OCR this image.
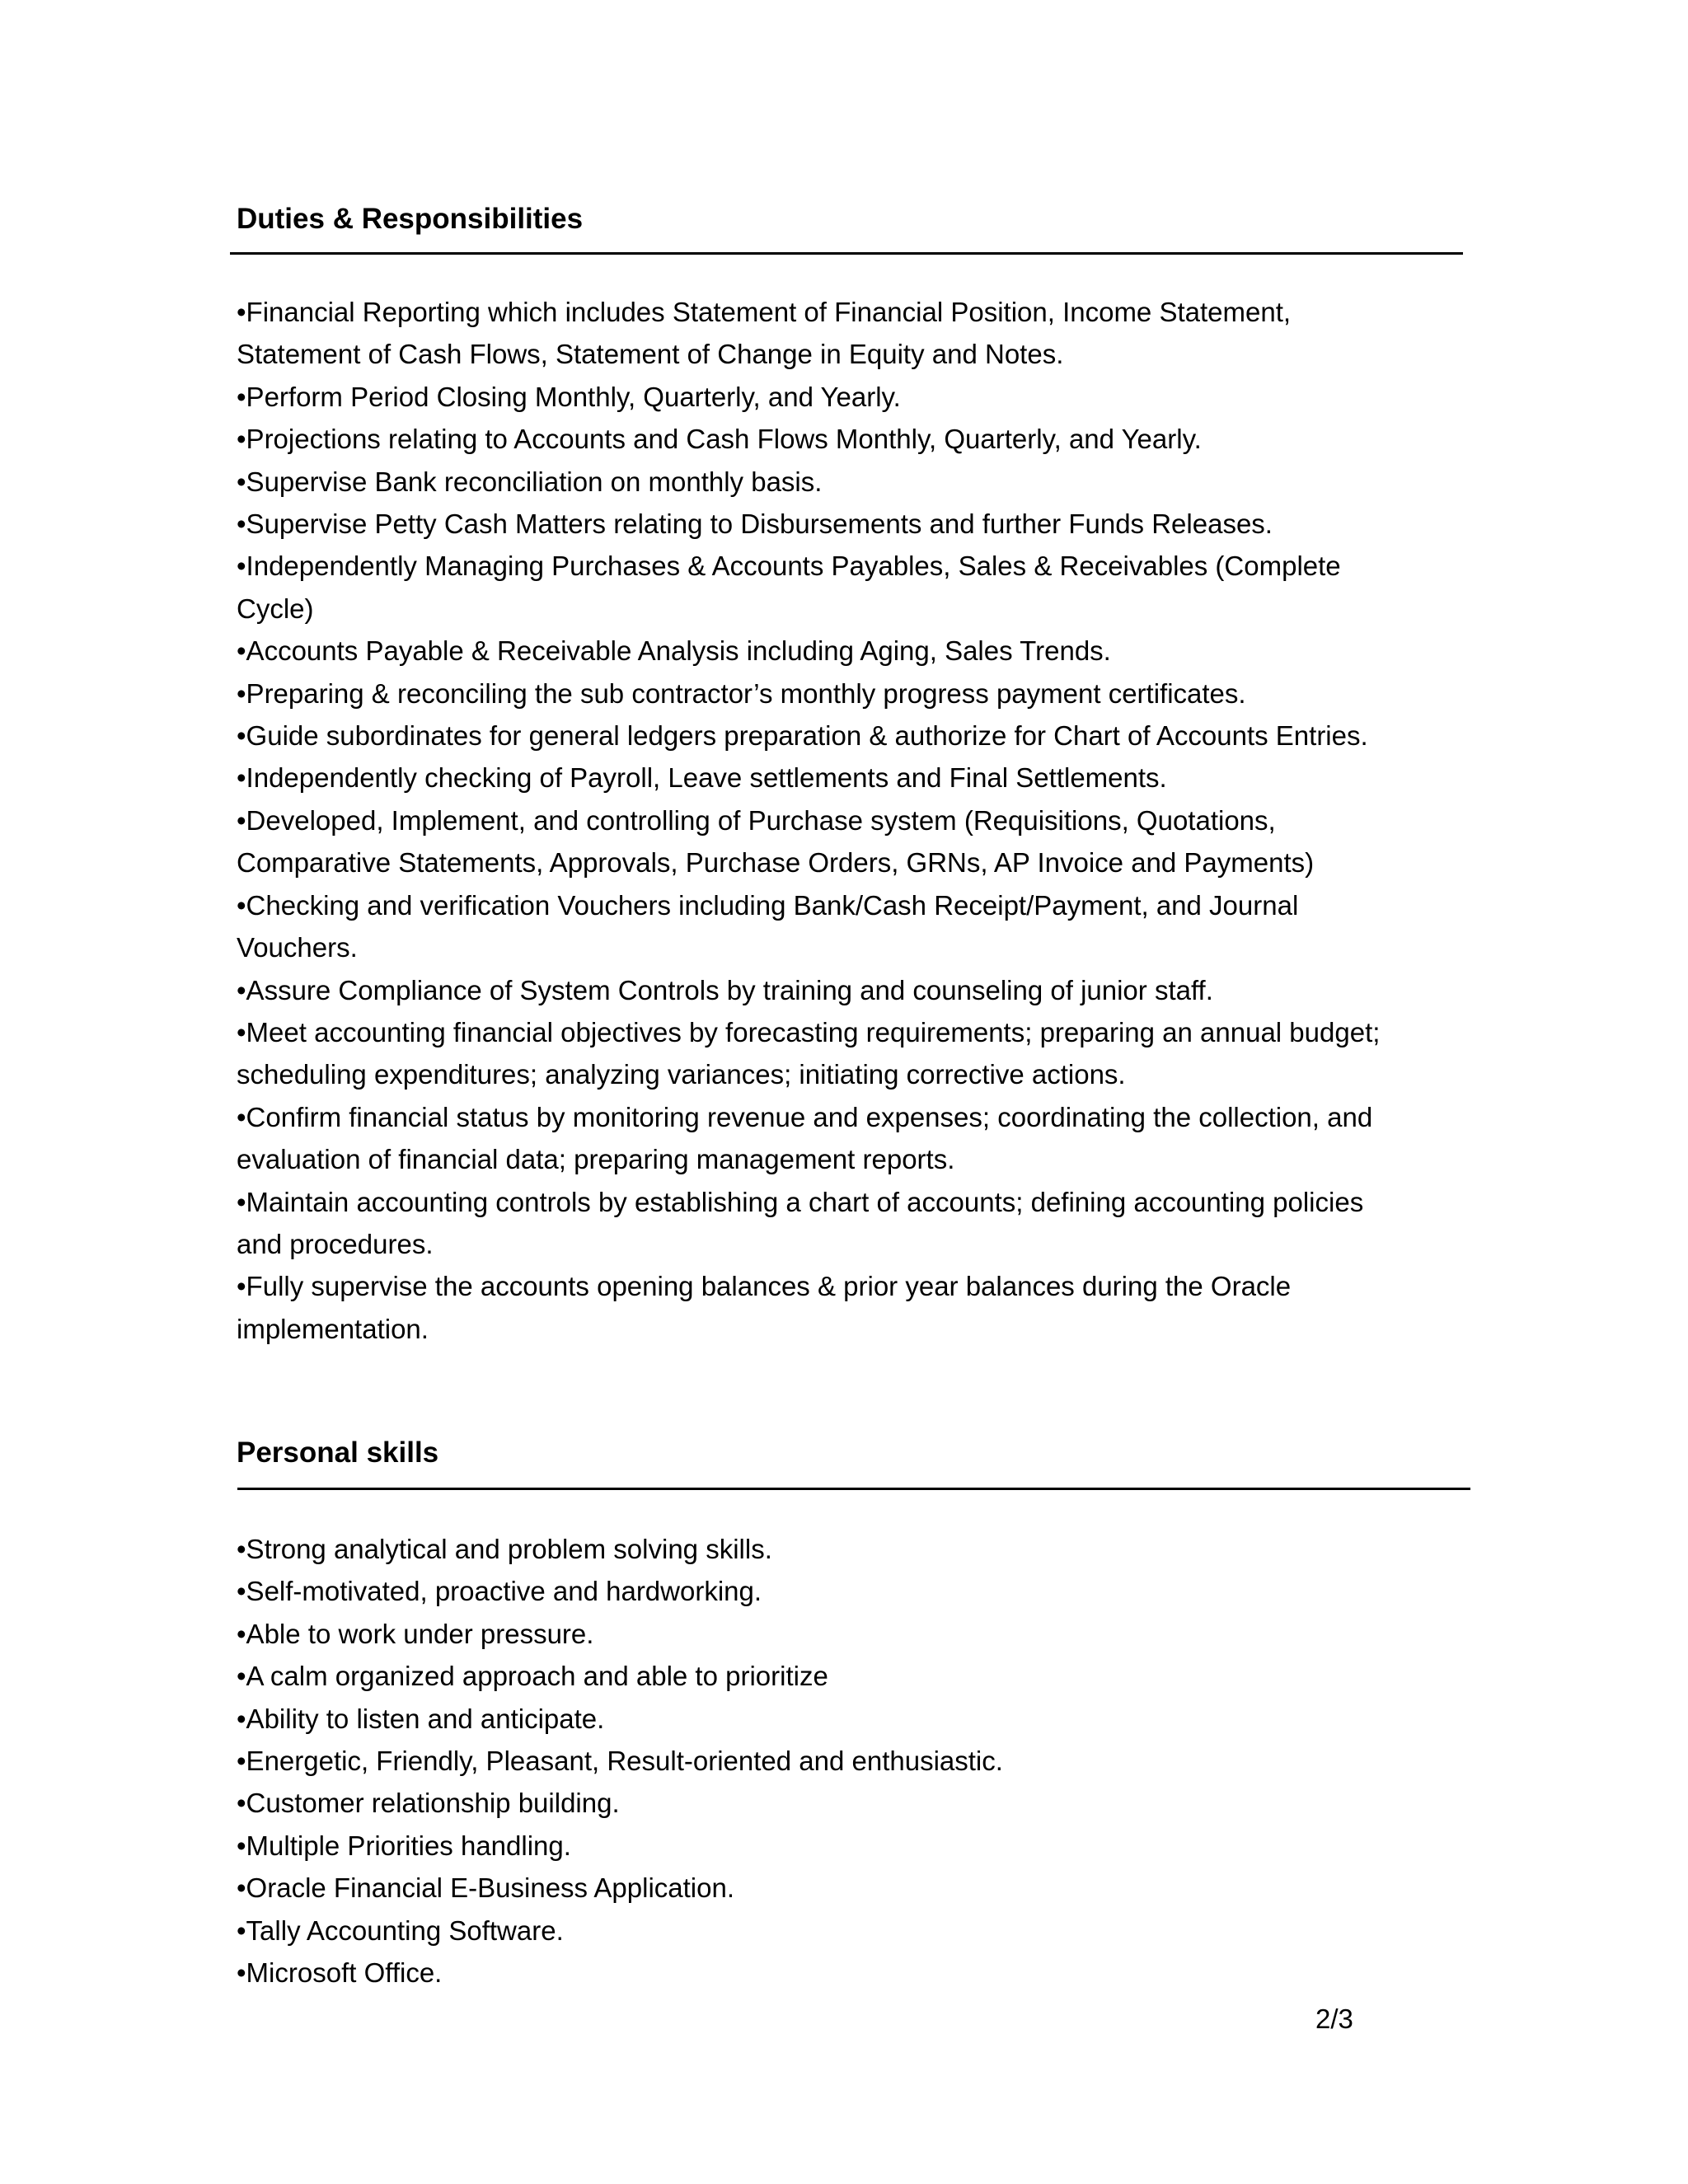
Duties & Responsibilities
•Financial Reporting which includes Statement of Financial Position, Income Statement, Statement of Cash Flows, Statement of Change in Equity and Notes.
•Perform Period Closing Monthly, Quarterly, and Yearly.
•Projections relating to Accounts and Cash Flows Monthly, Quarterly, and Yearly.
•Supervise Bank reconciliation on monthly basis.
•Supervise Petty Cash Matters relating to Disbursements and further Funds Releases.
•Independently Managing Purchases & Accounts Payables, Sales & Receivables (Complete Cycle)
•Accounts Payable & Receivable Analysis including Aging, Sales Trends.
•Preparing & reconciling the sub contractor’s monthly progress payment certificates.
•Guide subordinates for general ledgers preparation & authorize for Chart of Accounts Entries.
•Independently checking of Payroll, Leave settlements and Final Settlements.
•Developed, Implement, and controlling of Purchase system (Requisitions, Quotations, Comparative Statements, Approvals, Purchase Orders, GRNs, AP Invoice and Payments)
•Checking and verification Vouchers including Bank/Cash Receipt/Payment, and Journal Vouchers.
•Assure Compliance of System Controls by training and counseling of junior staff.
•Meet accounting financial objectives by forecasting requirements; preparing an annual budget; scheduling expenditures; analyzing variances; initiating corrective actions.
•Confirm financial status by monitoring revenue and expenses; coordinating the collection, and evaluation of financial data; preparing management reports.
•Maintain accounting controls by establishing a chart of accounts; defining accounting policies and procedures.
•Fully supervise the accounts opening balances & prior year balances during the Oracle implementation.
Personal skills
•Strong analytical and problem solving skills.
•Self-motivated, proactive and hardworking.
•Able to work under pressure.
•A calm organized approach and able to prioritize
•Ability to listen and anticipate.
•Energetic, Friendly, Pleasant, Result-oriented and enthusiastic.
•Customer relationship building.
•Multiple Priorities handling.
•Oracle Financial E-Business Application.
•Tally Accounting Software.
•Microsoft Office.
2/3
